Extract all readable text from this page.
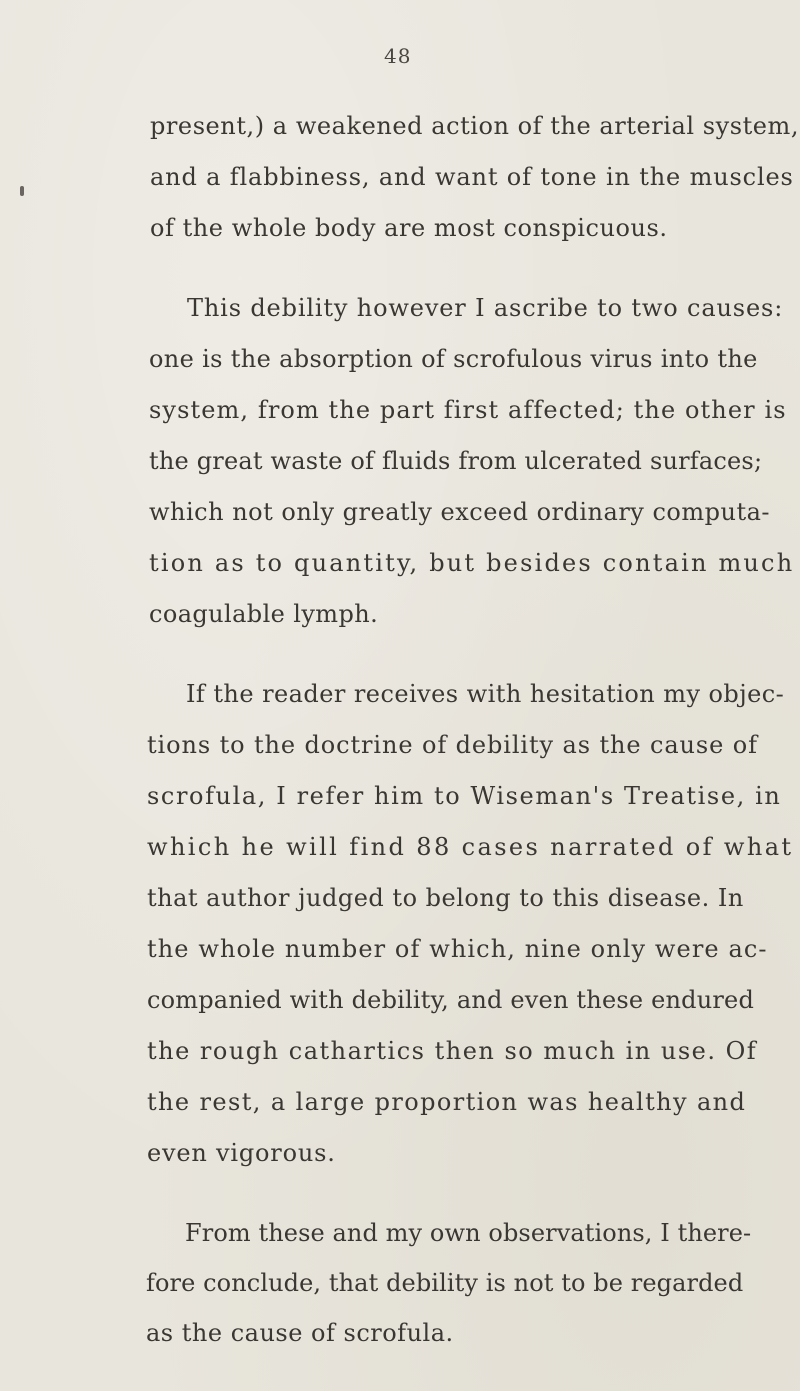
48
present,) a weakened action of the arterial system,
and a flabbiness, and want of tone in the muscles
of the whole body are most conspicuous.
This debility however I ascribe to two causes:
one is the absorption of scrofulous virus into the
system, from the part first affected; the other is
the great waste of fluids from ulcerated surfaces;
which not only greatly exceed ordinary computa-
tion as to quantity, but besides contain much
coagulable lymph.
If the reader receives with hesitation my objec-
tions to the doctrine of debility as the cause of
scrofula, I refer him to Wiseman's Treatise, in
which he will find 88 cases narrated of what
that author judged to belong to this disease. In
the whole number of which, nine only were ac-
companied with debility, and even these endured
the rough cathartics then so much in use. Of
the rest, a large proportion was healthy and
even vigorous.
From these and my own observations, I there-
fore conclude, that debility is not to be regarded
as the cause of scrofula.
